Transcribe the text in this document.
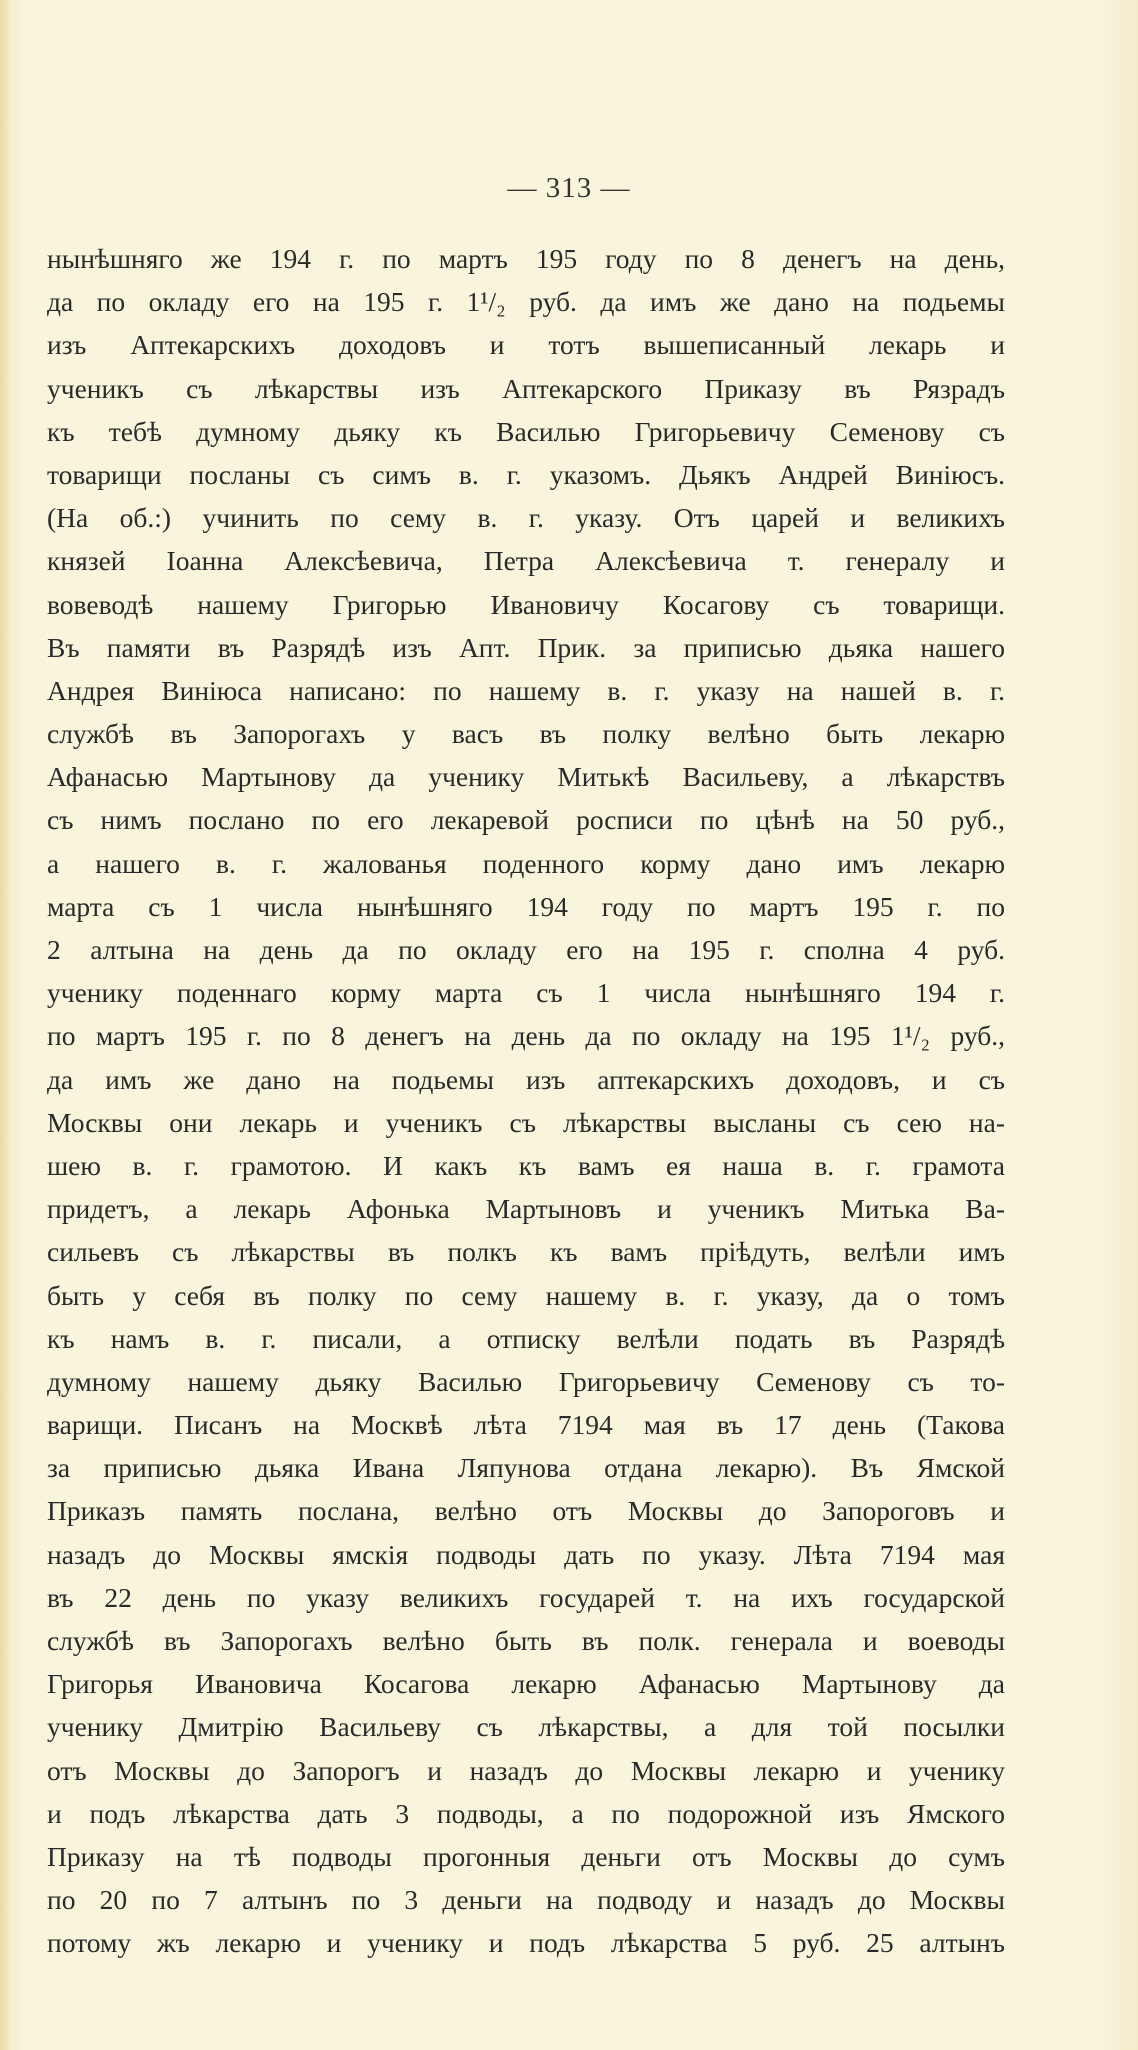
— 313 —
нынѣшняго же 194 г. по мартъ 195 году по 8 денегъ на день,
да по окладу его на 195 г. 1¹/₂ руб. да имъ же дано на подьемы
изъ Аптекарскихъ доходовъ и тотъ вышеписанный лекарь и
ученикъ съ лѣкарствы изъ Аптекарского Приказу въ Рязрадъ
къ тебѣ думному дьяку къ Василью Григорьевичу Семенову съ
товарищи посланы съ симъ в. г. указомъ. Дьякъ Андрей Виніюсъ.
(На об.:) учинить по сему в. г. указу. Отъ царей и великихъ
князей Іоанна Алексѣевича, Петра Алексѣевича т. генералу и
вовеводѣ нашему Григорью Ивановичу Косагову съ товарищи.
Въ памяти въ Разрядѣ изъ Апт. Прик. за приписью дьяка нашего
Андрея Виніюса написано: по нашему в. г. указу на нашей в. г.
службѣ въ Запорогахъ у васъ въ полку велѣно быть лекарю
Афанасью Мартынову да ученику Митькѣ Васильеву, а лѣкарствъ
съ нимъ послано по его лекаревой росписи по цѣнѣ на 50 руб.,
а нашего в. г. жалованья поденного корму дано имъ лекарю
марта съ 1 числа нынѣшняго 194 году по мартъ 195 г. по
2 алтына на день да по окладу его на 195 г. сполна 4 руб.
ученику поденнаго корму марта съ 1 числа нынѣшняго 194 г.
по мартъ 195 г. по 8 денегъ на день да по окладу на 195 1¹/₂ руб.,
да имъ же дано на подьемы изъ аптекарскихъ доходовъ, и съ
Москвы они лекарь и ученикъ съ лѣкарствы высланы съ сею на-
шею в. г. грамотою. И какъ къ вамъ ея наша в. г. грамота
придетъ, а лекарь Афонька Мартыновъ и ученикъ Митька Ва-
сильевъ съ лѣкарствы въ полкъ къ вамъ пріѣдуть, велѣли имъ
быть у себя въ полку по сему нашему в. г. указу, да о томъ
къ намъ в. г. писали, а отписку велѣли подать въ Разрядѣ
думному нашему дьяку Василью Григорьевичу Семенову съ то-
варищи. Писанъ на Москвѣ лѣта 7194 мая въ 17 день (Такова
за приписью дьяка Ивана Ляпунова отдана лекарю). Въ Ямской
Приказъ память послана, велѣно отъ Москвы до Запороговъ и
назадъ до Москвы ямскія подводы дать по указу. Лѣта 7194 мая
въ 22 день по указу великихъ государей т. на ихъ государской
службѣ въ Запорогахъ велѣно быть въ полк. генерала и воеводы
Григорья Ивановича Косагова лекарю Афанасью Мартынову да
ученику Дмитрію Васильеву съ лѣкарствы, а для той посылки
отъ Москвы до Запорогъ и назадъ до Москвы лекарю и ученику
и подъ лѣкарства дать 3 подводы, а по подорожной изъ Ямского
Приказу на тѣ подводы прогонныя деньги отъ Москвы до сумъ
по 20 по 7 алтынъ по 3 деньги на подводу и назадъ до Москвы
потому жъ лекарю и ученику и подъ лѣкарства 5 руб. 25 алтынъ
